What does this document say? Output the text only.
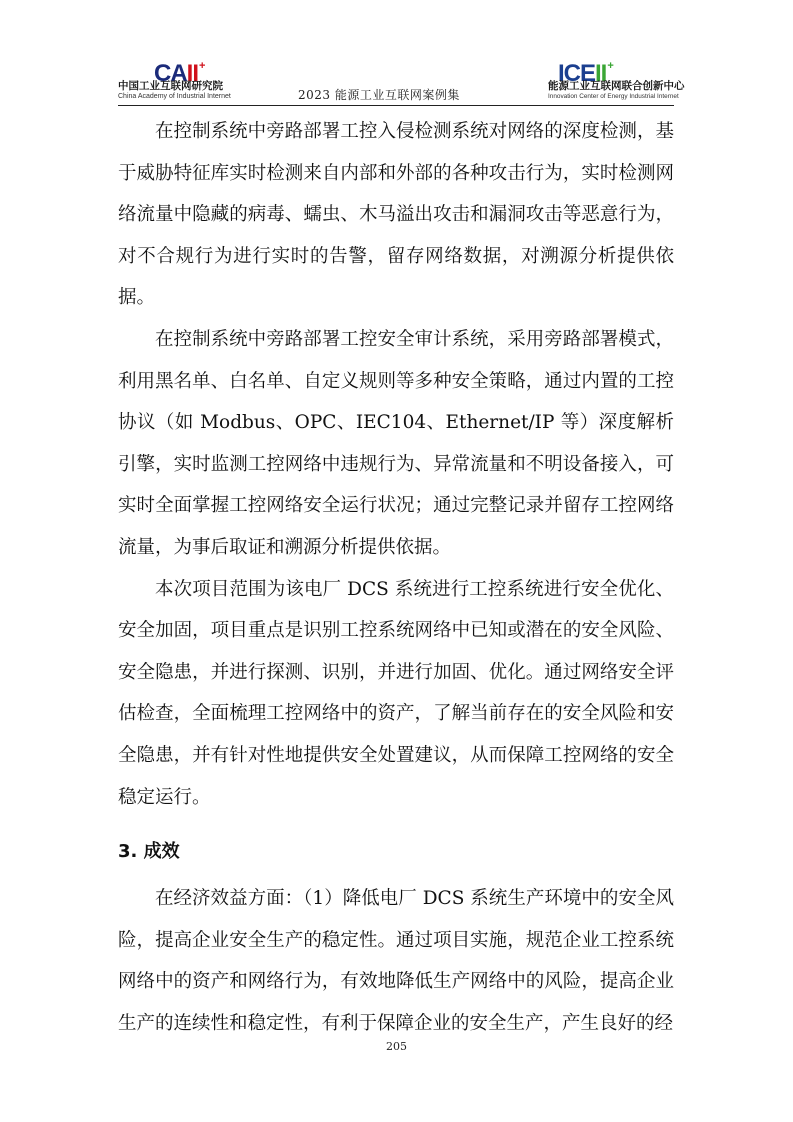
CAII+
中国工业互联网研究院
China Academy of Industrial Internet	2023 能源工业互联网案例集
ICEII+
能源工业互联网联合创新中心
Innovation Center of Energy Industrial Internet

在控制系统中旁路部署工控入侵检测系统对网络的深度检测，基于威胁特征库实时检测来自内部和外部的各种攻击行为，实时检测网络流量中隐藏的病毒、蠕虫、木马溢出攻击和漏洞攻击等恶意行为，对不合规行为进行实时的告警，留存网络数据，对溯源分析提供依据。

在控制系统中旁路部署工控安全审计系统，采用旁路部署模式，利用黑名单、白名单、自定义规则等多种安全策略，通过内置的工控协议（如 Modbus、OPC、IEC104、Ethernet/IP 等）深度解析引擎，实时监测工控网络中违规行为、异常流量和不明设备接入，可实时全面掌握工控网络安全运行状况；通过完整记录并留存工控网络流量，为事后取证和溯源分析提供依据。

本次项目范围为该电厂 DCS 系统进行工控系统进行安全优化、安全加固，项目重点是识别工控系统网络中已知或潜在的安全风险、安全隐患，并进行探测、识别，并进行加固、优化。通过网络安全评估检查，全面梳理工控网络中的资产，了解当前存在的安全风险和安全隐患，并有针对性地提供安全处置建议，从而保障工控网络的安全稳定运行。

3. 成效

在经济效益方面：（1）降低电厂 DCS 系统生产环境中的安全风险，提高企业安全生产的稳定性。通过项目实施，规范企业工控系统网络中的资产和网络行为，有效地降低生产网络中的风险，提高企业生产的连续性和稳定性，有利于保障企业的安全生产，产生良好的经

205
